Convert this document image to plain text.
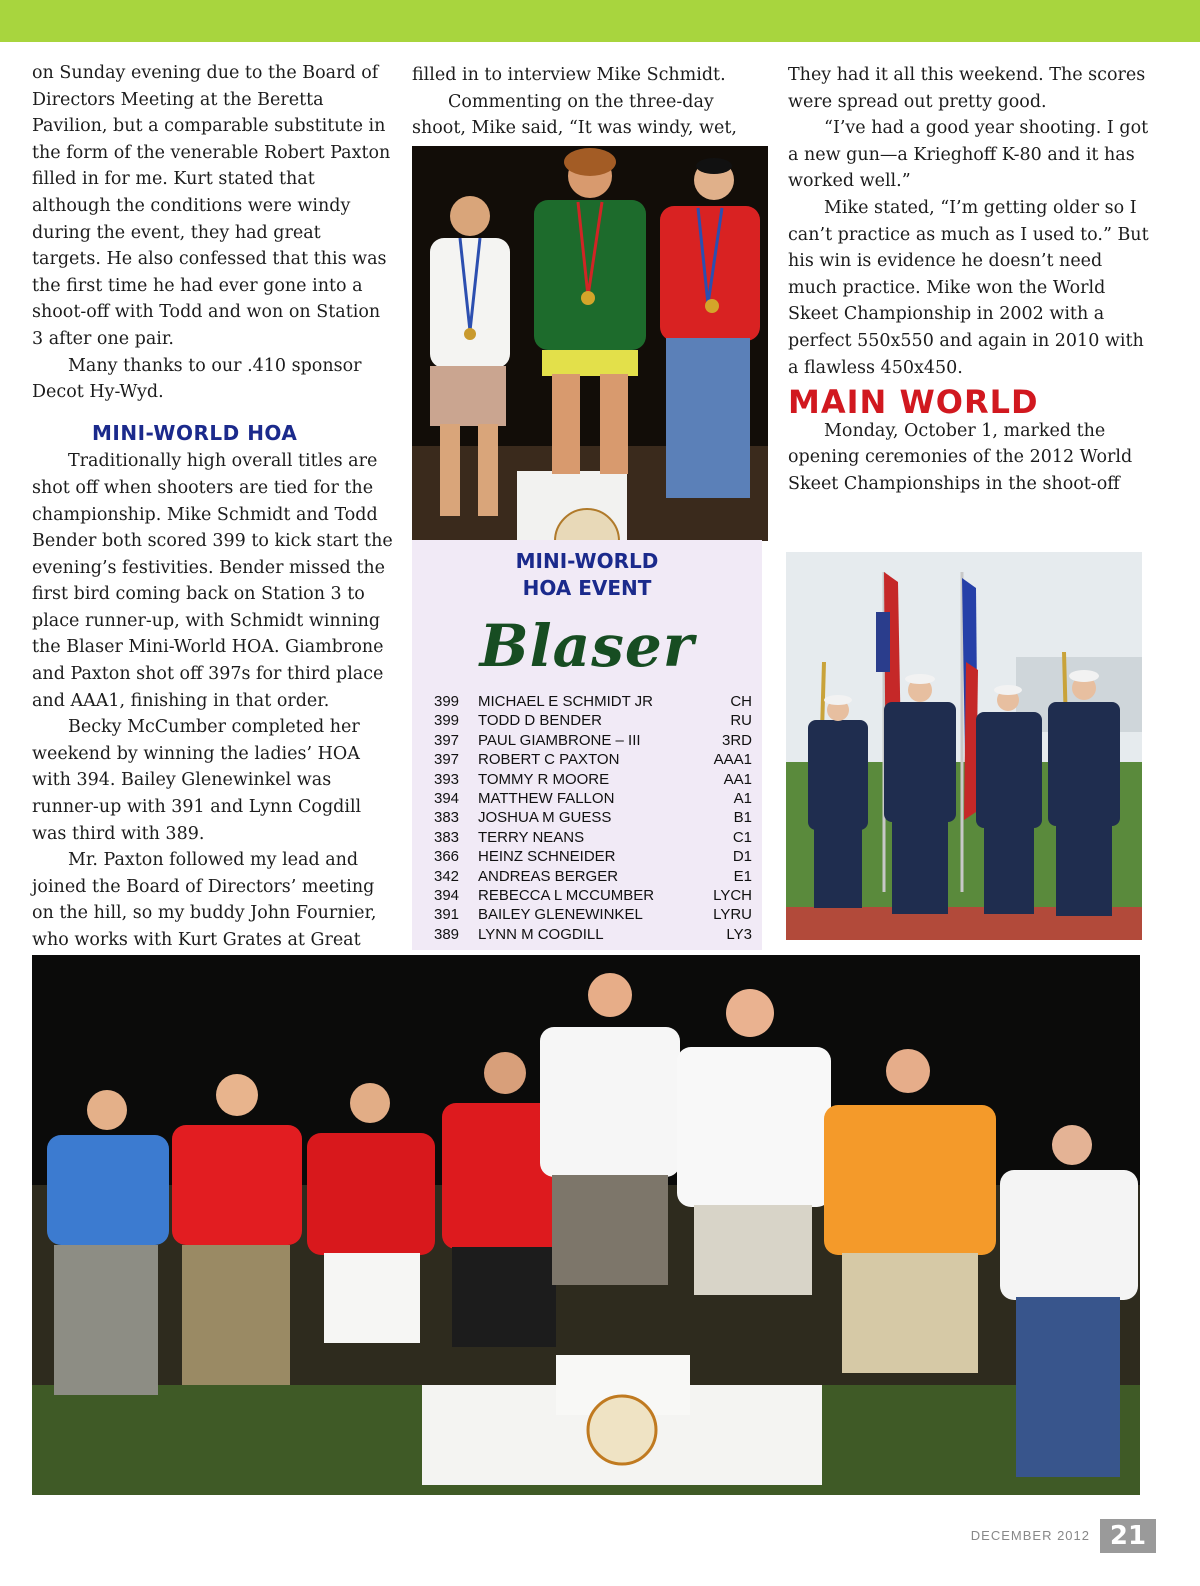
on Sunday evening due to the Board of Directors Meeting at the Beretta Pavilion, but a comparable substitute in the form of the venerable Robert Paxton filled in for me. Kurt stated that although the conditions were windy during the event, they had great targets. He also confessed that this was the first time he had ever gone into a shoot-off with Todd and won on Station 3 after one pair.

Many thanks to our .410 sponsor Decot Hy-Wyd.

MINI-WORLD HOA

Traditionally high overall titles are shot off when shooters are tied for the championship. Mike Schmidt and Todd Bender both scored 399 to kick start the evening’s festivities. Bender missed the first bird coming back on Station 3 to place runner-up, with Schmidt winning the Blaser Mini-World HOA. Giambrone and Paxton shot off 397s for third place and AAA1, finishing in that order.

Becky McCumber completed her weekend by winning the ladies’ HOA with 394. Bailey Glenewinkel was runner-up with 391 and Lynn Cogdill was third with 389.

Mr. Paxton followed my lead and joined the Board of Directors’ meeting on the hill, so my buddy John Fournier, who works with Kurt Grates at Great

filled in to interview Mike Schmidt.

Commenting on the three-day shoot, Mike said, “It was windy, wet,

They had it all this weekend. The scores were spread out pretty good.

“I’ve had a good year shooting. I got a new gun—a Krieghoff K-80 and it has worked well.”

Mike stated, “I’m getting older so I can’t practice as much as I used to.” But his win is evidence he doesn’t need much practice. Mike won the World Skeet Championship in 2002 with a perfect 550x550 and again in 2010 with a flawless 450x450.

MAIN WORLD

Monday, October 1, marked the opening ceremonies of the 2012 World Skeet Championships in the shoot-off

MINI-WORLD
HOA EVENT
Blaser
399	MICHAEL E SCHMIDT JR	CH
399	TODD D BENDER	RU
397	PAUL GIAMBRONE – III	3RD
397	ROBERT C PAXTON	AAA1
393	TOMMY R MOORE	AA1
394	MATTHEW FALLON	A1
383	JOSHUA M GUESS	B1
383	TERRY NEANS	C1
366	HEINZ SCHNEIDER	D1
342	ANDREAS BERGER	E1
394	REBECCA L MCCUMBER	LYCH
391	BAILEY GLENEWINKEL	LYRU
389	LYNN M COGDILL	LY3
DECEMBER 2012 21
